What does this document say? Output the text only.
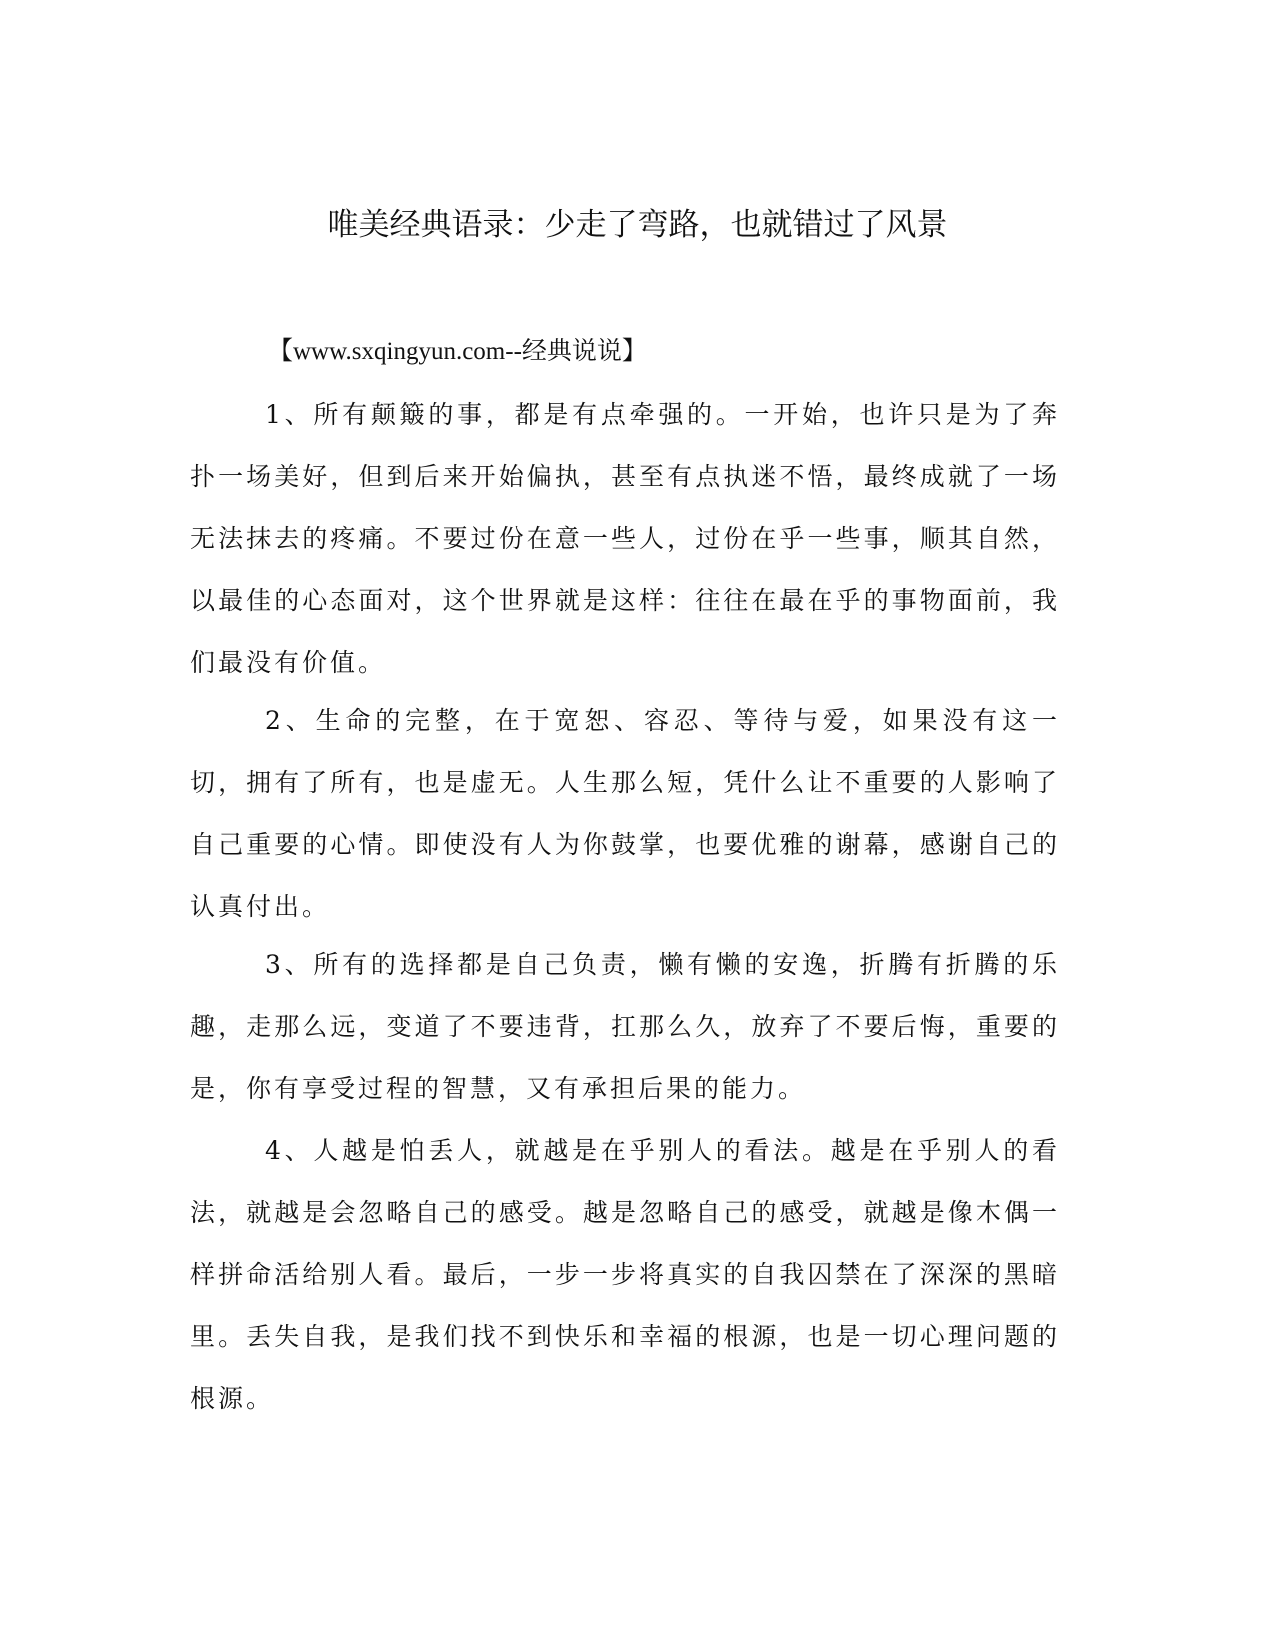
唯美经典语录：少走了弯路，也就错过了风景
【www.sxqingyun.com--经典说说】

1、所有颠簸的事，都是有点牵强的。一开始，也许只是为了奔扑一场美好，但到后来开始偏执，甚至有点执迷不悟，最终成就了一场无法抹去的疼痛。不要过份在意一些人，过份在乎一些事，顺其自然，以最佳的心态面对，这个世界就是这样：往往在最在乎的事物面前，我们最没有价值。

2、生命的完整，在于宽恕、容忍、等待与爱，如果没有这一切，拥有了所有，也是虚无。人生那么短，凭什么让不重要的人影响了自己重要的心情。即使没有人为你鼓掌，也要优雅的谢幕，感谢自己的认真付出。

3、所有的选择都是自己负责，懒有懒的安逸，折腾有折腾的乐趣，走那么远，变道了不要违背，扛那么久，放弃了不要后悔，重要的是，你有享受过程的智慧，又有承担后果的能力。

4、人越是怕丢人，就越是在乎别人的看法。越是在乎别人的看法，就越是会忽略自己的感受。越是忽略自己的感受，就越是像木偶一样拼命活给别人看。最后，一步一步将真实的自我囚禁在了深深的黑暗里。丢失自我，是我们找不到快乐和幸福的根源，也是一切心理问题的根源。
